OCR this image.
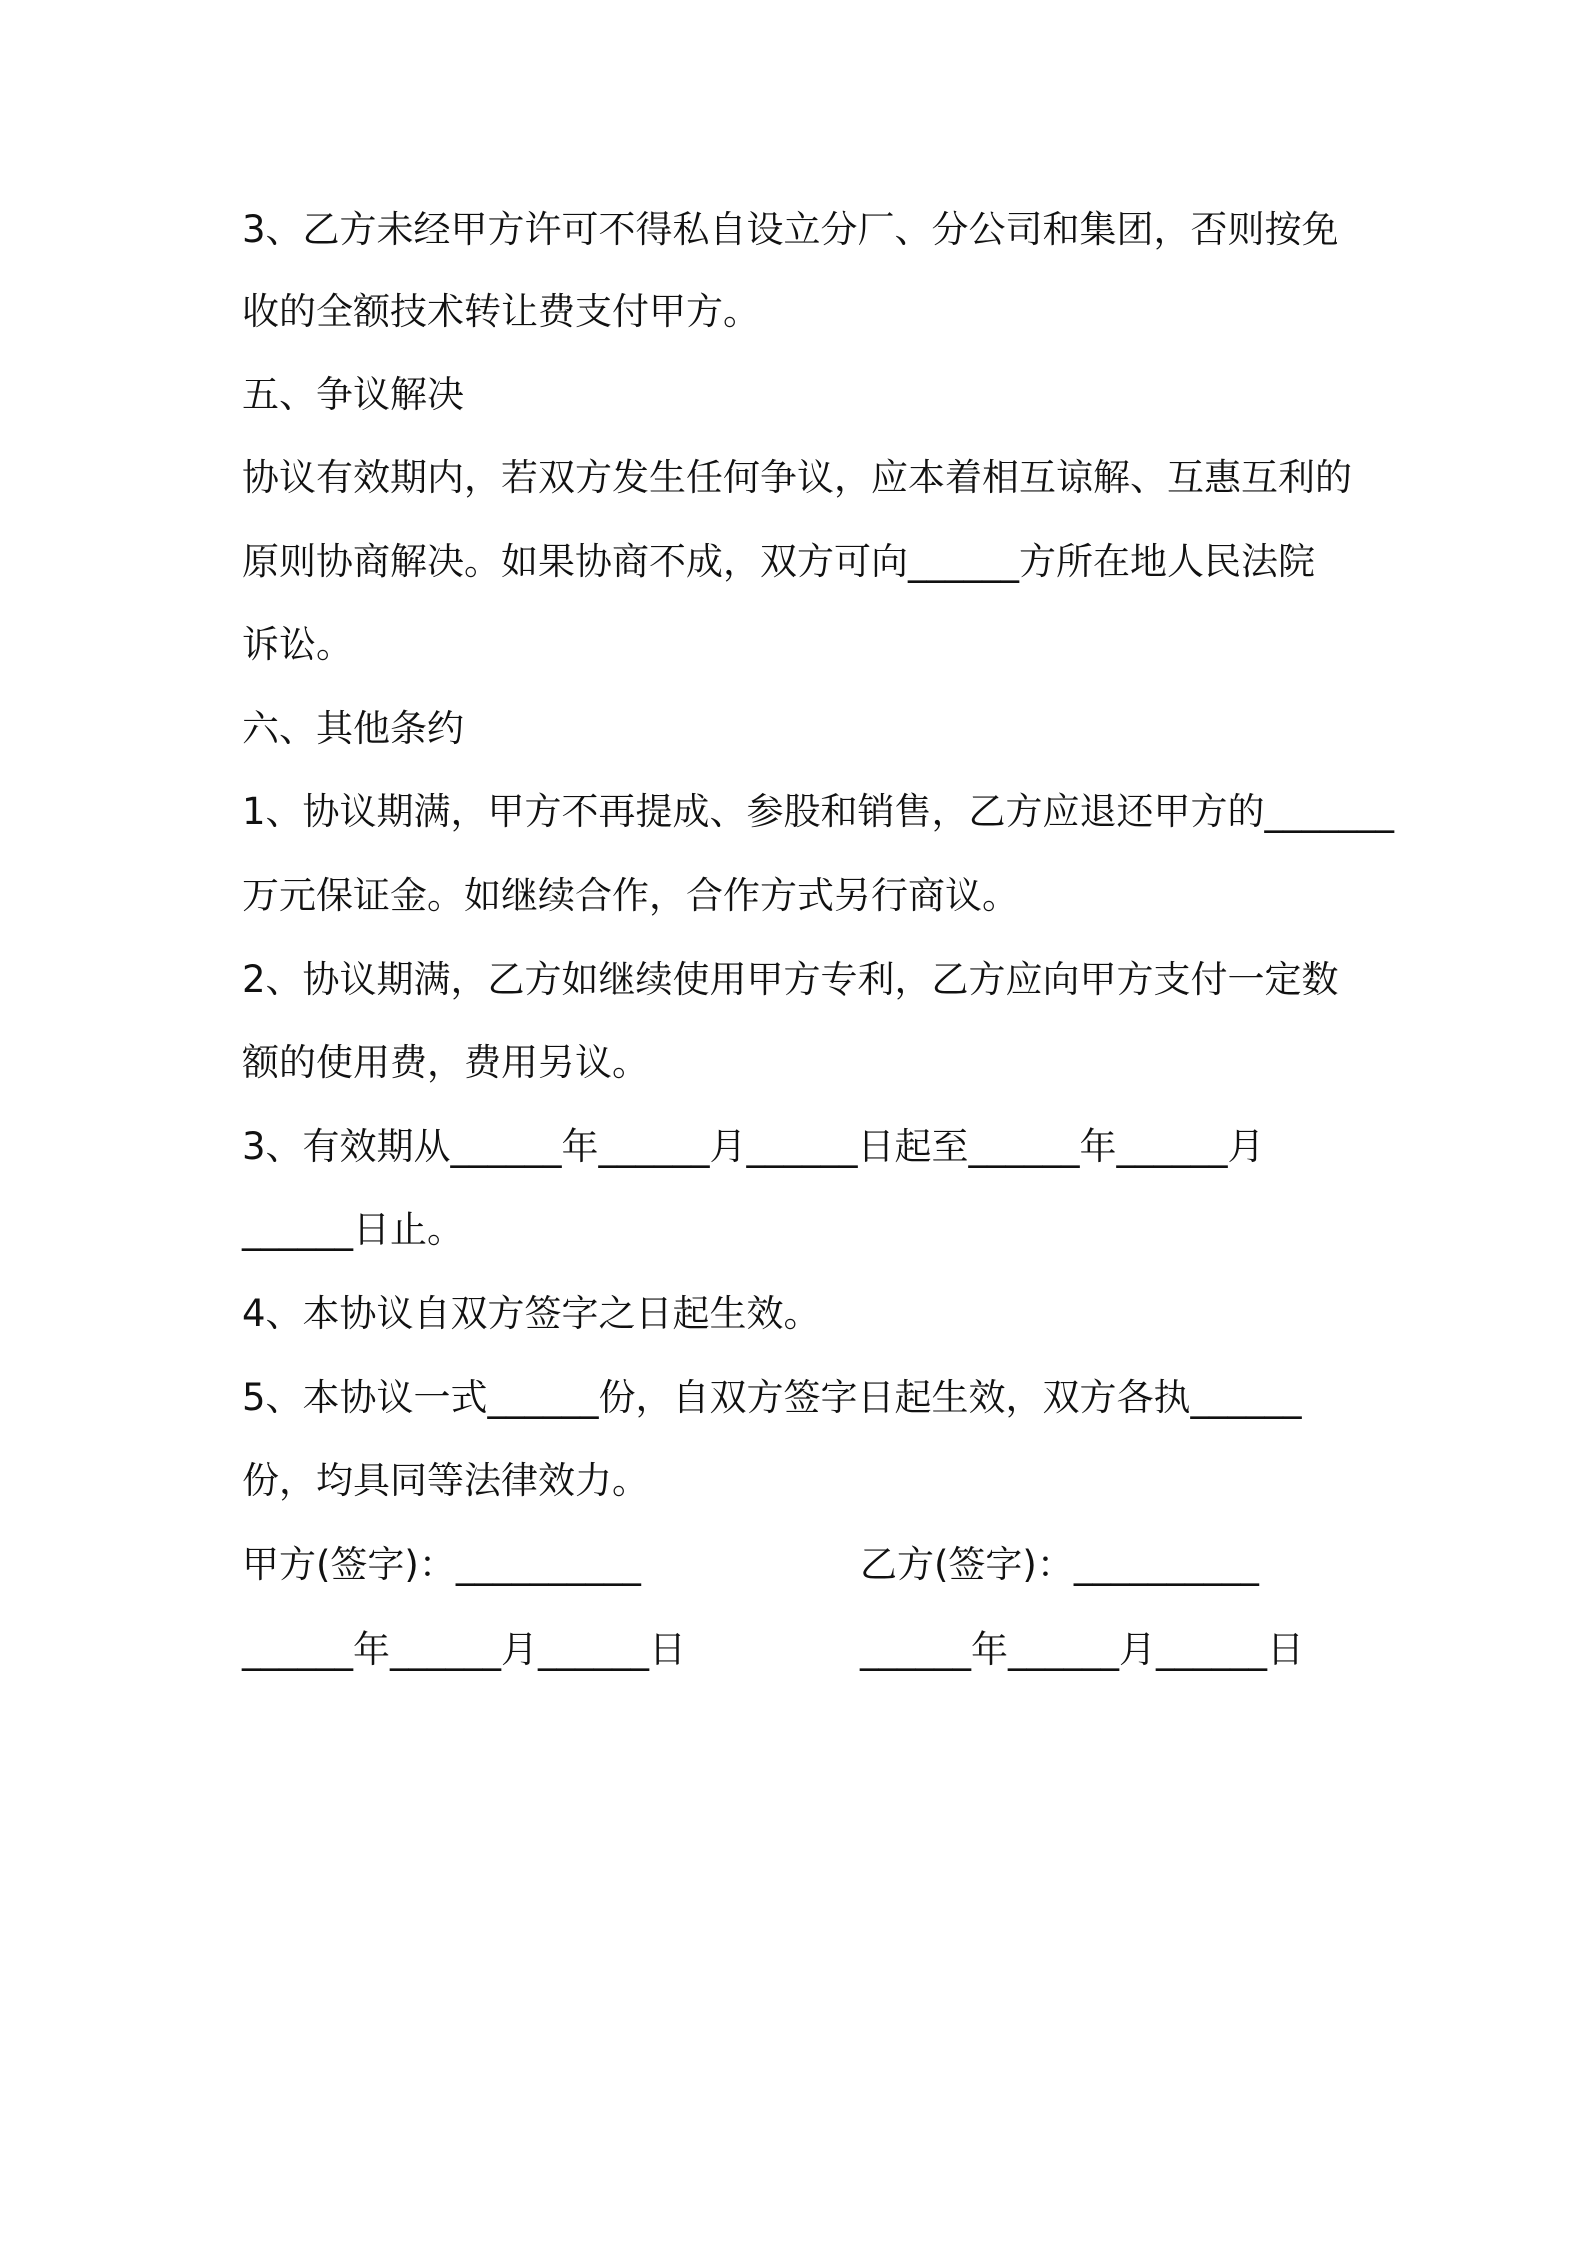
3、乙方未经甲方许可不得私自设立分厂、分公司和集团，否则按免
收的全额技术转让费支付甲方。
五、争议解决
协议有效期内，若双方发生任何争议，应本着相互谅解、互惠互利的
原则协商解决。如果协商不成，双方可向______方所在地人民法院
诉讼。
六、其他条约
1、协议期满，甲方不再提成、参股和销售，乙方应退还甲方的_______
万元保证金。如继续合作，合作方式另行商议。
2、协议期满，乙方如继续使用甲方专利，乙方应向甲方支付一定数
额的使用费，费用另议。
3、有效期从______年______月______日起至______年______月
______日止。
4、本协议自双方签字之日起生效。
5、本协议一式______份，自双方签字日起生效，双方各执______
份，均具同等法律效力。
甲方(签字)：__________	乙方(签字)：__________
______年______月______日	______年______月______日
